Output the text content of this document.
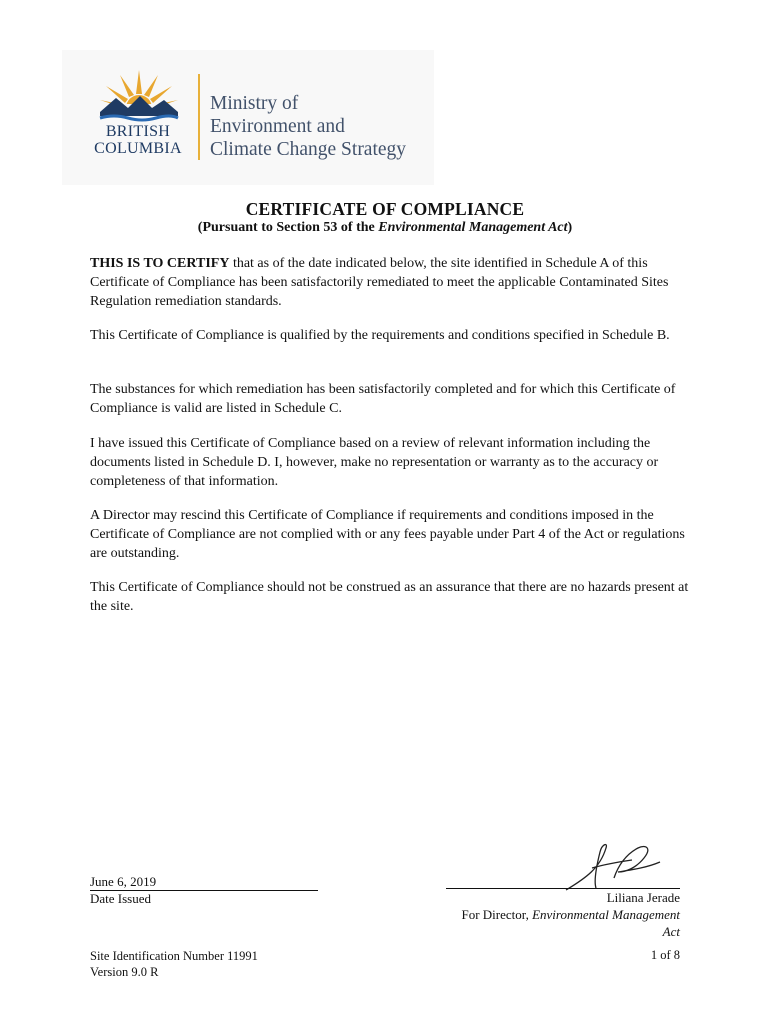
BRITISH
COLUMBIA
Ministry of
Environment and
Climate Change Strategy
CERTIFICATE OF COMPLIANCE
(Pursuant to Section 53 of the Environmental Management Act)
THIS IS TO CERTIFY that as of the date indicated below, the site identified in Schedule A of this Certificate of Compliance has been satisfactorily remediated to meet the applicable Contaminated Sites Regulation remediation standards.
This Certificate of Compliance is qualified by the requirements and conditions specified in Schedule B.
The substances for which remediation has been satisfactorily completed and for which this Certificate of Compliance is valid are listed in Schedule C.
I have issued this Certificate of Compliance based on a review of relevant information including the documents listed in Schedule D. I, however, make no representation or warranty as to the accuracy or completeness of that information.
A Director may rescind this Certificate of Compliance if requirements and conditions imposed in the Certificate of Compliance are not complied with or any fees payable under Part 4 of the Act or regulations are outstanding.
This Certificate of Compliance should not be construed as an assurance that there are no hazards present at the site.
June 6, 2019
Date Issued	Liliana Jerade
For Director, Environmental Management Act
Site Identification Number 11991
Version 9.0 R
1 of 8
